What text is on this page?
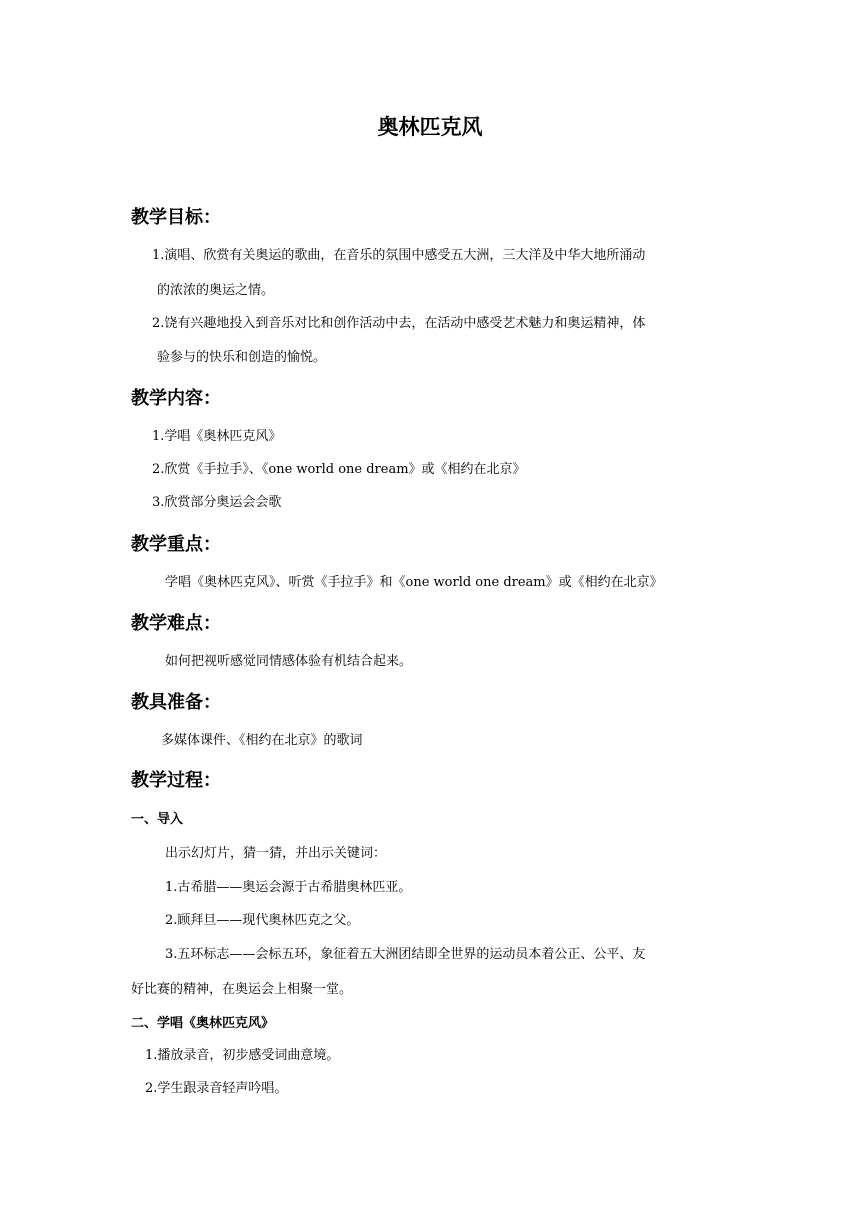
奥林匹克风
教学目标：

1.演唱、欣赏有关奥运的歌曲，在音乐的氛围中感受五大洲，三大洋及中华大地所涌动

的浓浓的奥运之情。

2.饶有兴趣地投入到音乐对比和创作活动中去，在活动中感受艺术魅力和奥运精神，体

验参与的快乐和创造的愉悦。

教学内容：

1.学唱《奥林匹克风》

2.欣赏《手拉手》、《one world one dream》或《相约在北京》

3.欣赏部分奥运会会歌

教学重点：

学唱《奥林匹克风》、听赏《手拉手》和《one world one dream》或《相约在北京》

教学难点：

如何把视听感觉同情感体验有机结合起来。

教具准备：

多媒体课件、《相约在北京》的歌词

教学过程：
一、导入

出示幻灯片，猜一猜，并出示关键词：

1.古希腊——奥运会源于古希腊奥林匹亚。

2.顾拜旦——现代奥林匹克之父。

3.五环标志——会标五环，象征着五大洲团结即全世界的运动员本着公正、公平、友

好比赛的精神，在奥运会上相聚一堂。

二、学唱《奥林匹克风》

1.播放录音，初步感受词曲意境。

2.学生跟录音轻声吟唱。
